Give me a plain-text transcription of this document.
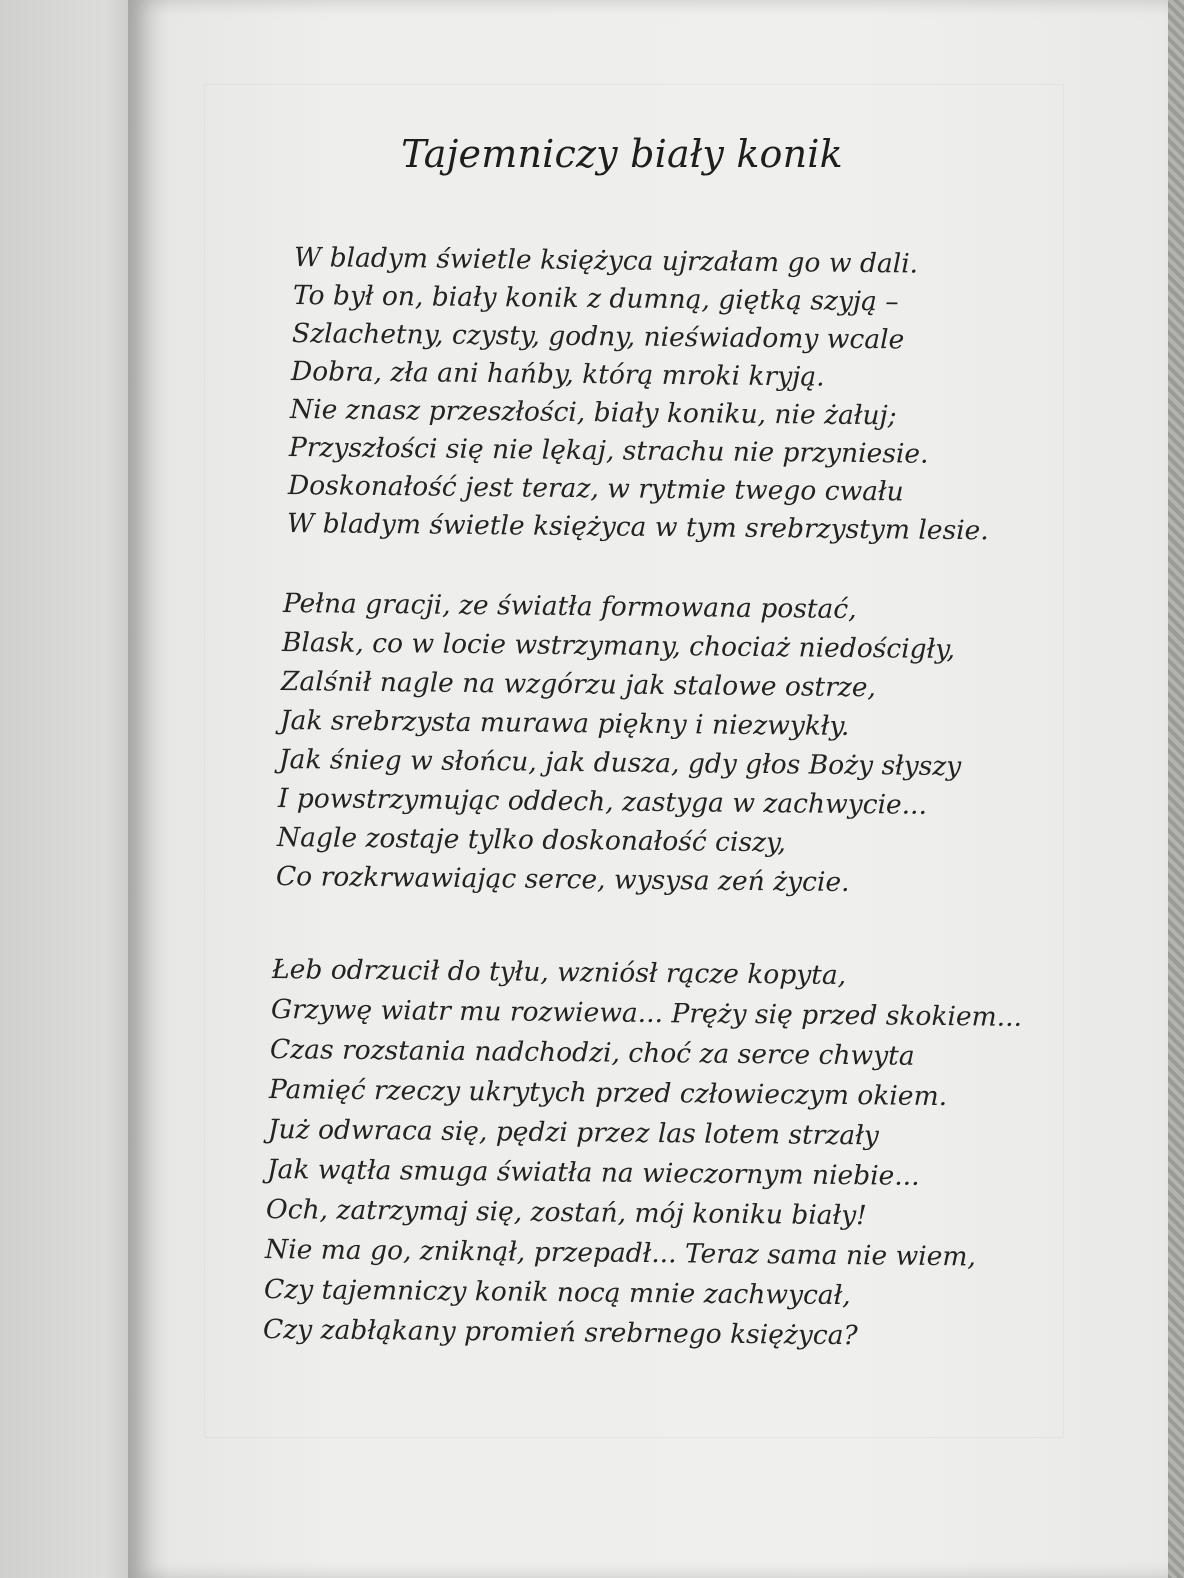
Tajemniczy biały konik
W bladym świetle księżyca ujrzałam go w dali.
To był on, biały konik z dumną, giętką szyją –
Szlachetny, czysty, godny, nieświadomy wcale
Dobra, zła ani hańby, którą mroki kryją.
Nie znasz przeszłości, biały koniku, nie żałuj;
Przyszłości się nie lękaj, strachu nie przyniesie.
Doskonałość jest teraz, w rytmie twego cwału
W bladym świetle księżyca w tym srebrzystym lesie.
Pełna gracji, ze światła formowana postać,
Blask, co w locie wstrzymany, chociaż niedościgły,
Zalśnił nagle na wzgórzu jak stalowe ostrze,
Jak srebrzysta murawa piękny i niezwykły.
Jak śnieg w słońcu, jak dusza, gdy głos Boży słyszy
I powstrzymując oddech, zastyga w zachwycie...
Nagle zostaje tylko doskonałość ciszy,
Co rozkrwawiając serce, wysysa zeń życie.
Łeb odrzucił do tyłu, wzniósł rącze kopyta,
Grzywę wiatr mu rozwiewa... Pręży się przed skokiem...
Czas rozstania nadchodzi, choć za serce chwyta
Pamięć rzeczy ukrytych przed człowieczym okiem.
Już odwraca się, pędzi przez las lotem strzały
Jak wątła smuga światła na wieczornym niebie...
Och, zatrzymaj się, zostań, mój koniku biały!
Nie ma go, zniknął, przepadł... Teraz sama nie wiem,
Czy tajemniczy konik nocą mnie zachwycał,
Czy zabłąkany promień srebrnego księżyca?
